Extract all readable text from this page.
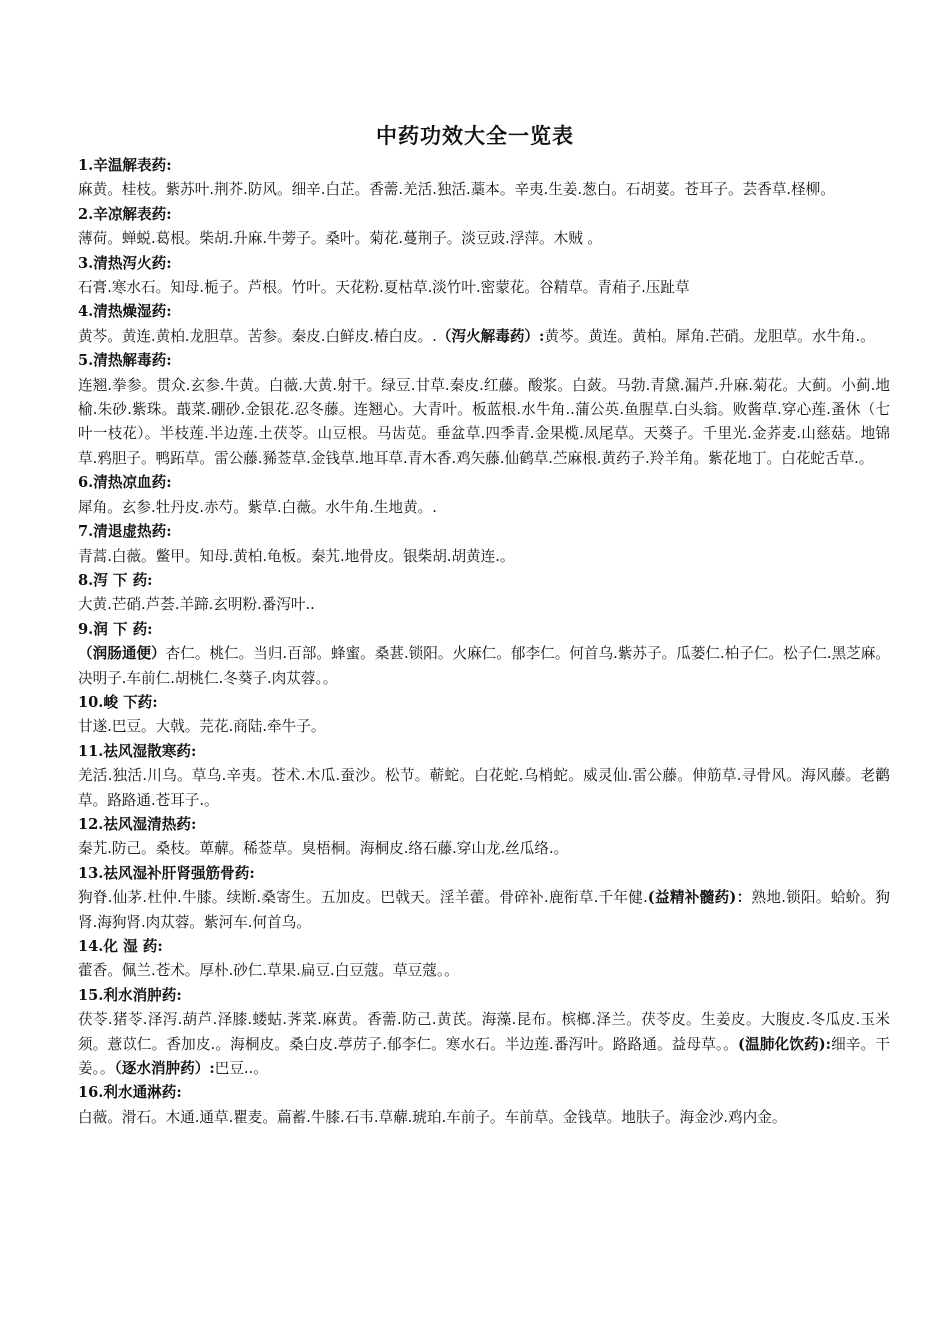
中药功效大全一览表
1.辛温解表药:
麻黄。桂枝。紫苏叶.荆芥.防风。细辛.白芷。香薷.羌活.独活.藁本。辛夷.生姜.葱白。石胡荽。苍耳子。芸香草.柽柳。
2.辛凉解表药:
薄荷。蝉蜕.葛根。柴胡.升麻.牛蒡子。桑叶。菊花.蔓荆子。淡豆豉.浮萍。木贼 。
3.清热泻火药:
石膏.寒水石。知母.栀子。芦根。竹叶。天花粉.夏枯草.淡竹叶.密蒙花。谷精草。青葙子.压趾草
4.清热燥湿药:
黄芩。黄连.黄柏.龙胆草。苦参。秦皮.白鲜皮.椿白皮。.（泻火解毒药）:黄芩。黄连。黄柏。犀角.芒硝。龙胆草。水牛角.。
5.清热解毒药:
连翘.拳参。贯众.玄参.牛黄。白薇.大黄.射干。绿豆.甘草.秦皮.红藤。酸浆。白蔹。马勃.青黛.漏芦.升麻.菊花。大蓟。小蓟.地榆.朱砂.紫珠。蕺菜.硼砂.金银花.忍冬藤。连翘心。大青叶。板蓝根.水牛角..蒲公英.鱼腥草.白头翁。败酱草.穿心莲.蚤休（七叶一枝花）。半枝莲.半边莲.土茯苓。山豆根。马齿苋。垂盆草.四季青.金果榄.凤尾草。天葵子。千里光.金荞麦.山慈菇。地锦草.鸦胆子。鸭跖草。雷公藤.豨莶草.金钱草.地耳草.青木香.鸡矢藤.仙鹤草.苎麻根.黄药子.羚羊角。紫花地丁。白花蛇舌草.。
6.清热凉血药:
犀角。玄参.牡丹皮.赤芍。紫草.白薇。水牛角.生地黄。.
7.清退虚热药:
青蒿.白薇。鳖甲。知母.黄柏.龟板。秦艽.地骨皮。银柴胡.胡黄连.。
8.泻 下 药:
大黄.芒硝.芦荟.羊蹄.玄明粉.番泻叶..
9.润 下 药:
（润肠通便）杏仁。桃仁。当归.百部。蜂蜜。桑葚.锁阳。火麻仁。郁李仁。何首乌.紫苏子。瓜蒌仁.柏子仁。松子仁.黑芝麻。决明子.车前仁.胡桃仁.冬葵子.肉苁蓉。。
10.峻 下药:
甘遂.巴豆。大戟。芫花.商陆.牵牛子。
11.祛风湿散寒药:
羌活.独活.川乌。草乌.辛夷。苍术.木瓜.蚕沙。松节。蕲蛇。白花蛇.乌梢蛇。威灵仙.雷公藤。伸筋草.寻骨风。海风藤。老鹳草。路路通.苍耳子.。
12.祛风湿清热药:
秦艽.防己。桑枝。萆薢。稀莶草。臭梧桐。海桐皮.络石藤.穿山龙.丝瓜络.。
13.祛风湿补肝肾强筋骨药:
狗脊.仙茅.杜仲.牛膝。续断.桑寄生。五加皮。巴戟天。淫羊藿。骨碎补.鹿衔草.千年健.(益精补髓药)：熟地.锁阳。蛤蚧。狗肾.海狗肾.肉苁蓉。紫河车.何首乌。
14.化 湿 药:
藿香。佩兰.苍术。厚朴.砂仁.草果.扁豆.白豆蔻。草豆蔻。。
15.利水消肿药:
茯苓.猪苓.泽泻.葫芦.泽膝.蝼蛄.荠菜.麻黄。香薷.防己.黄芪。海藻.昆布。槟榔.泽兰。茯苓皮。生姜皮。大腹皮.冬瓜皮.玉米须。薏苡仁。香加皮.。海桐皮。桑白皮.葶苈子.郁李仁。寒水石。半边莲.番泻叶。路路通。益母草。。(温肺化饮药):细辛。干姜。。（逐水消肿药）:巴豆..。
16.利水通淋药:
白薇。滑石。木通.通草.瞿麦。萹蓄.牛膝.石韦.草薢.琥珀.车前子。车前草。金钱草。地肤子。海金沙.鸡内金。
